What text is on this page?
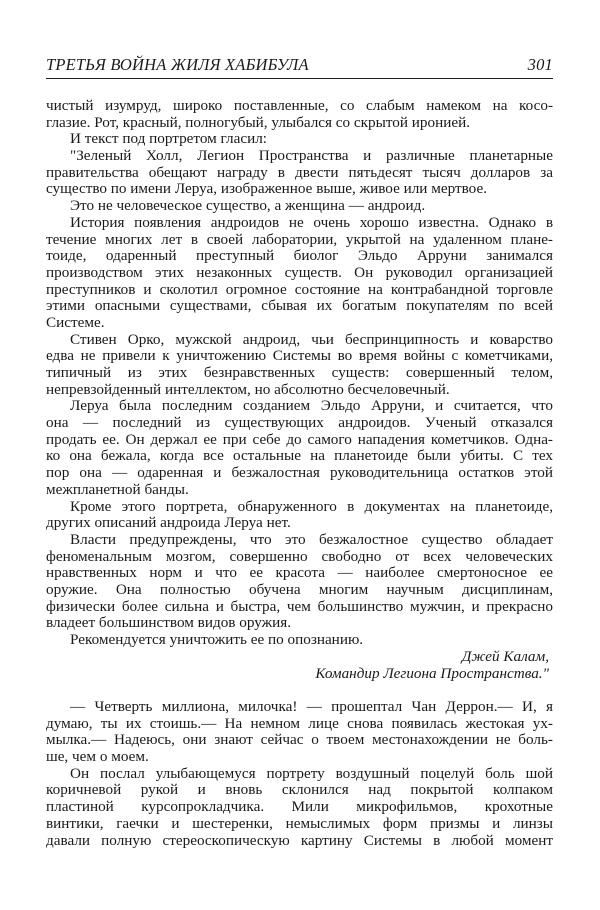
ТРЕТЬЯ ВОЙНА ЖИЛЯ ХАБИБУЛА	301
чистый изумруд, широко поставленные, со слабым намеком на косо-
глазие. Рот, красный, полногубый, улыбался со скрытой иронией.
И текст под портретом гласил:
"Зеленый Холл, Легион Пространства и различные планетарные
правительства обещают награду в двести пятьдесят тысяч долларов за
существо по имени Леруа, изображенное выше, живое или мертвое.
Это не человеческое существо, а женщина — андроид.
История появления андроидов не очень хорошо известна. Однако в
течение многих лет в своей лаборатории, укрытой на удаленном плане-
тоиде, одаренный преступный биолог Эльдо Арруни занимался
производством этих незаконных существ. Он руководил организацией
преступников и сколотил огромное состояние на контрабандной торговле
этими опасными существами, сбывая их богатым покупателям по всей
Системе.
Стивен Орко, мужской андроид, чьи беспринципность и коварство
едва не привели к уничтожению Системы во время войны с кометчиками,
типичный из этих безнравственных существ: совершенный телом,
непревзойденный интеллектом, но абсолютно бесчеловечный.
Леруа была последним созданием Эльдо Арруни, и считается, что
она — последний из существующих андроидов. Ученый отказался
продать ее. Он держал ее при себе до самого нападения кометчиков. Одна-
ко она бежала, когда все остальные на планетоиде были убиты. С тех
пор она — одаренная и безжалостная руководительница остатков этой
межпланетной банды.
Кроме этого портрета, обнаруженного в документах на планетоиде,
других описаний андроида Леруа нет.
Власти предупреждены, что это безжалостное существо обладает
феноменальным мозгом, совершенно свободно от всех человеческих
нравственных норм и что ее красота — наиболее смертоносное ее
оружие. Она полностью обучена многим научным дисциплинам,
физически более сильна и быстра, чем большинство мужчин, и прекрасно
владеет большинством видов оружия.
Рекомендуется уничтожить ее по опознанию.
Джей Калам,
Командир Легиона Пространства."
— Четверть миллиона, милочка! — прошептал Чан Деррон.— И, я
думаю, ты их стоишь.— На немном лице снова появилась жестокая ух-
мылка.— Надеюсь, они знают сейчас о твоем местонахождении не боль-
ше, чем о моем.
Он послал улыбающемуся портрету воздушный поцелуй боль шой
коричневой рукой и вновь склонился над покрытой колпаком
пластиной курсопрокладчика. Мили микрофильмов, крохотные
винтики, гаечки и шестеренки, немыслимых форм призмы и линзы
давали полную стереоскопическую картину Системы в любой момент
